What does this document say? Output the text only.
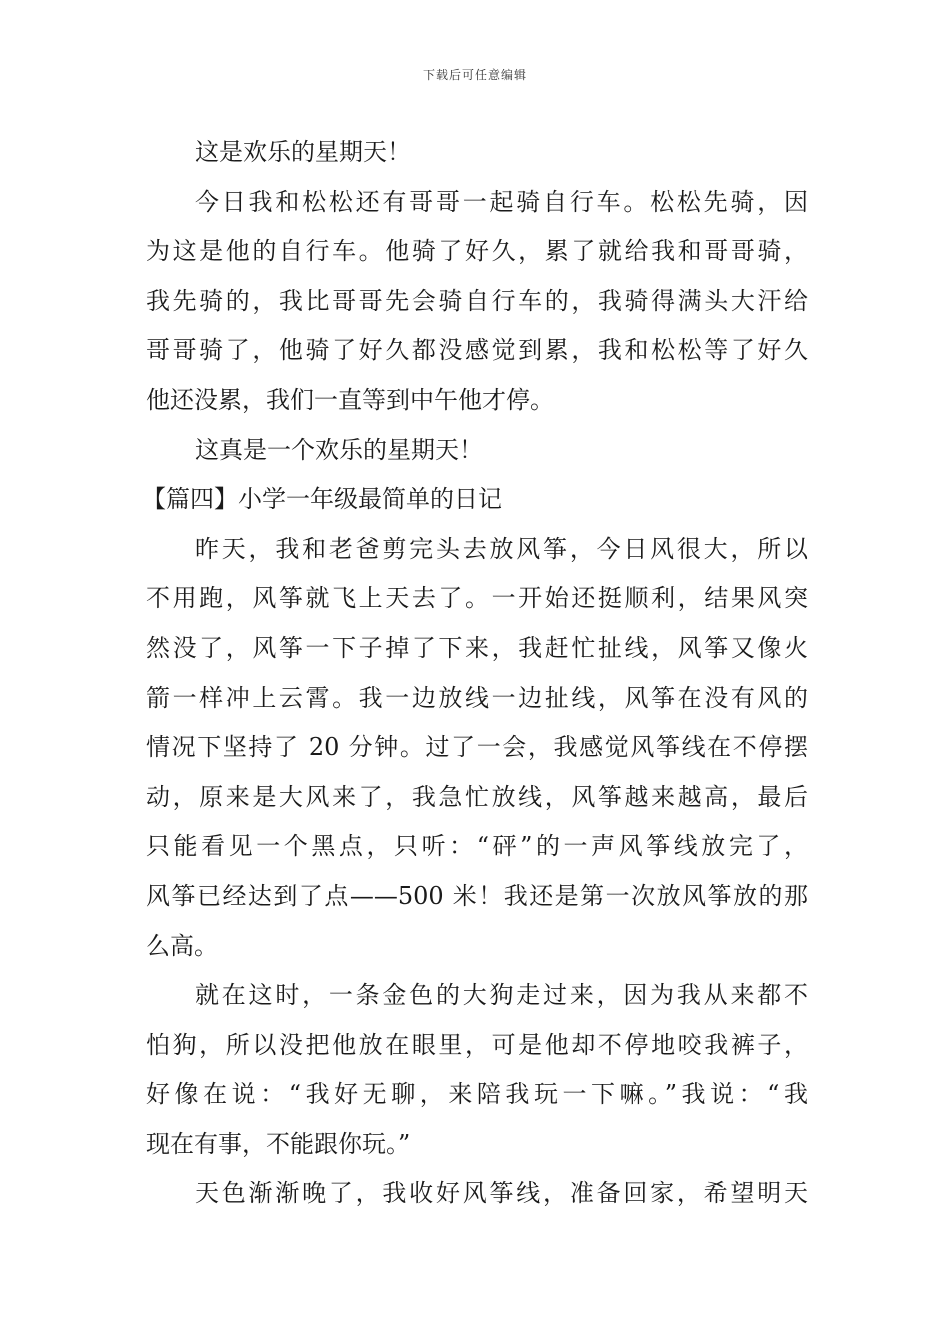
下载后可任意编辑
这是欢乐的星期天！
今日我和松松还有哥哥一起骑自行车。松松先骑，因
为这是他的自行车。他骑了好久，累了就给我和哥哥骑，
我先骑的，我比哥哥先会骑自行车的，我骑得满头大汗给
哥哥骑了，他骑了好久都没感觉到累，我和松松等了好久
他还没累，我们一直等到中午他才停。
这真是一个欢乐的星期天！
【篇四】小学一年级最简单的日记
昨天，我和老爸剪完头去放风筝，今日风很大，所以
不用跑，风筝就飞上天去了。一开始还挺顺利，结果风突
然没了，风筝一下子掉了下来，我赶忙扯线，风筝又像火
箭一样冲上云霄。我一边放线一边扯线，风筝在没有风的
情况下坚持了 20 分钟。过了一会，我感觉风筝线在不停摆
动，原来是大风来了，我急忙放线，风筝越来越高，最后
只能看见一个黑点，只听：“砰”的一声风筝线放完了，
风筝已经达到了点——500 米！我还是第一次放风筝放的那
么高。
就在这时，一条金色的大狗走过来，因为我从来都不
怕狗，所以没把他放在眼里，可是他却不停地咬我裤子，
好像在说：“我好无聊，来陪我玩一下嘛。”我说：“我
现在有事，不能跟你玩。”
天色渐渐晚了，我收好风筝线，准备回家，希望明天
